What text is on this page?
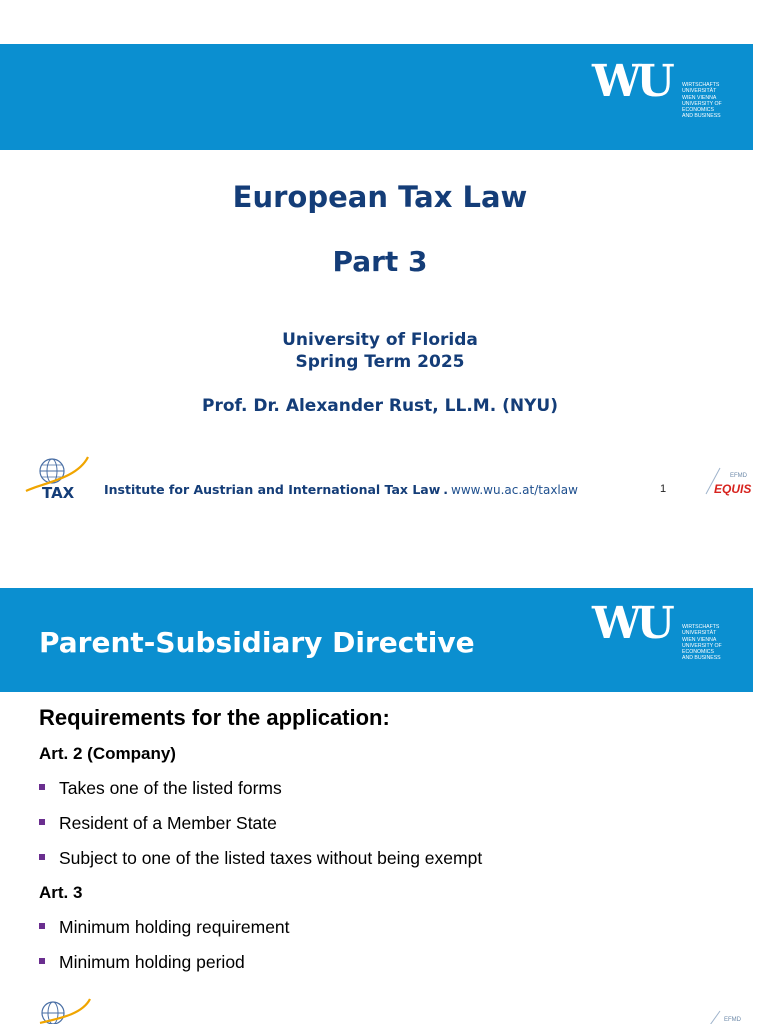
WU WIRTSCHAFTS
UNIVERSITÄT
WIEN VIENNA
UNIVERSITY OF
ECONOMICS
AND BUSINESS
European Tax Law
Part 3
University of Florida
Spring Term 2025
Prof. Dr. Alexander Rust, LL.M. (NYU)
TAX Institute for Austrian and International Tax Law . www.wu.ac.at/taxlaw	1
EFMD
EQUIS
Parent-Subsidiary Directive	WU WIRTSCHAFTS
UNIVERSITÄT
WIEN VIENNA
UNIVERSITY OF
ECONOMICS
AND BUSINESS
Requirements for the application:
Art. 2 (Company)
Takes one of the listed forms
Resident of a Member State
Subject to one of the listed taxes without being exempt
Art. 3
Minimum holding requirement
Minimum holding period
EFMD
